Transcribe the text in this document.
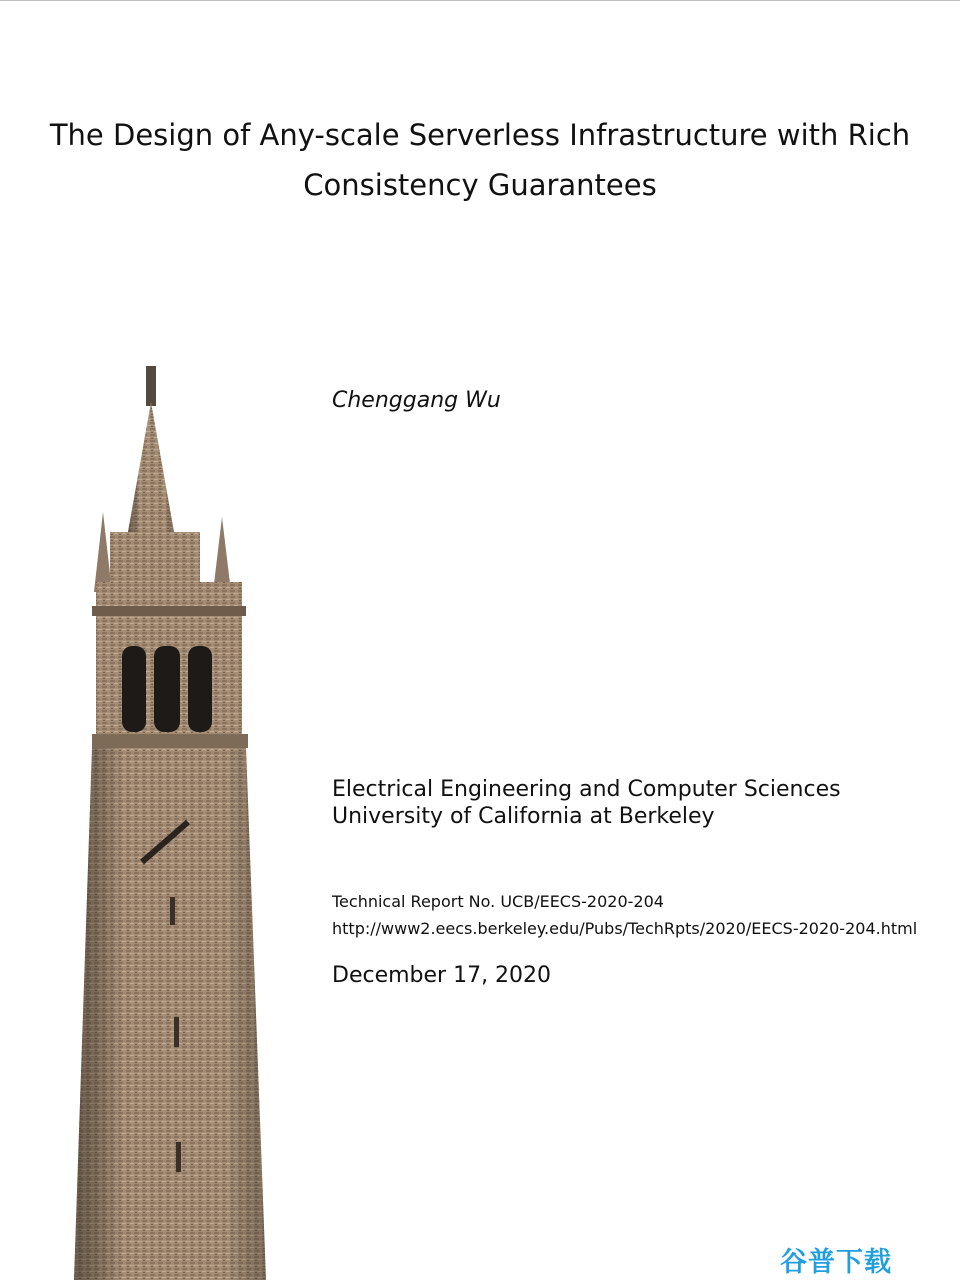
The Design of Any-scale Serverless Infrastructure with Rich Consistency Guarantees

Chenggang Wu

Electrical Engineering and Computer Sciences
University of California at Berkeley
Technical Report No. UCB/EECS-2020-204
http://www2.eecs.berkeley.edu/Pubs/TechRpts/2020/EECS-2020-204.html

December 17, 2020

谷普下载
